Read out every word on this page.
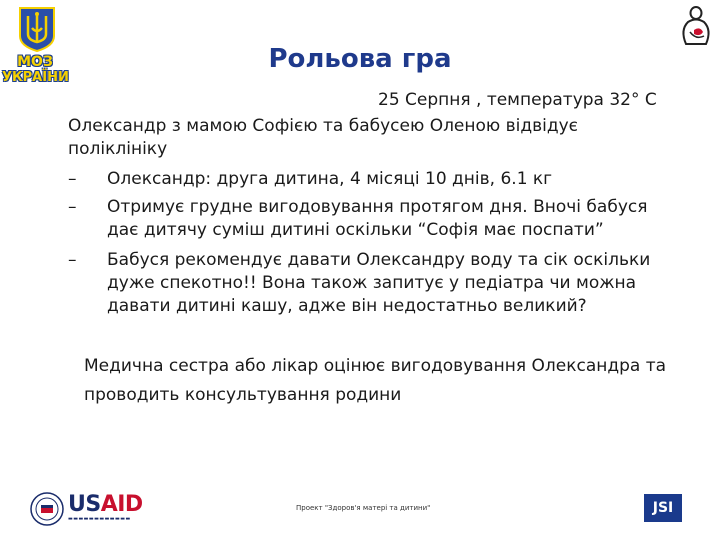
МОЗ
УКРАЇНИ
Рольова гра
25 Серпня , температура 32° С
Олександр з мамою Софією та бабусею Оленою відвідує поліклініку
– Олександр: друга дитина, 4 місяці 10 днів, 6.1 кг
– Отримує грудне вигодовування протягом дня. Вночі бабуся дає дитячу суміш дитині оскільки “Софія має поспати”
– Бабуся рекомендує давати Олександру воду та сік оскільки дуже спекотно!! Вона також запитує у педіатра чи можна давати дитині кашу, адже він недостатньо великий?
Медична сестра або лікар оцінює вигодовування Олександра та проводить консультування родини
USAID
▬▬▬▬▬▬▬▬▬▬▬▬
Проект "Здоров'я матері та дитини"	JSI
